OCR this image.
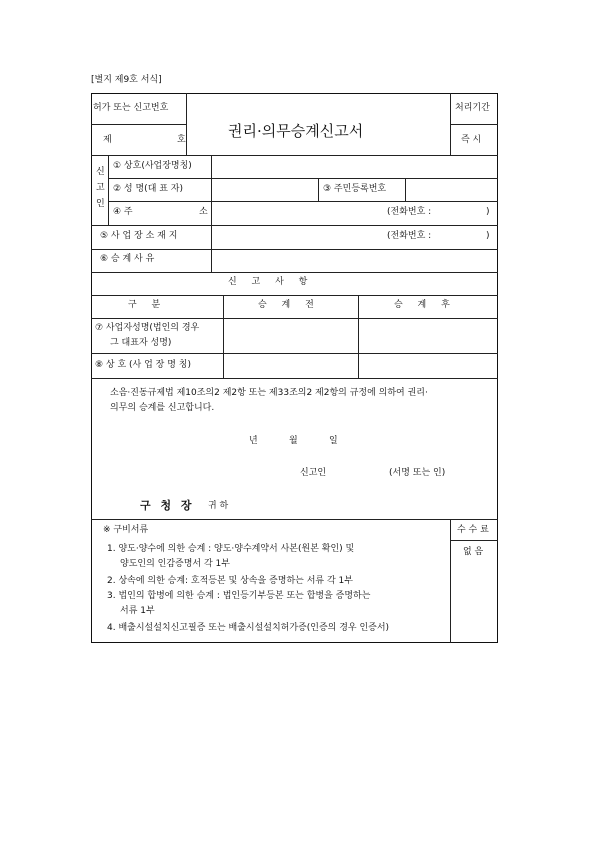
[별지 제9호 서식]
허가 또는 신고번호
제	호	권리·의무승계신고서
처리기간
즉 시
신
고
인
① 상호(사업장명칭)
② 성 명(대 표 자)	③ 주민등록번호
④ 주	소	(전화번호 :	)
⑤ 사 업 장 소 재 지	(전화번호 :	)
⑥ 승 계 사 유
신 고 사 항
구 분	승 계 전	승 계 후
⑦ 사업자성명(법인의 경우
그 대표자 성명)
⑧ 상 호 (사 업 장 명 칭)
소음·진동규제법 제10조의2 제2항 또는 제33조의2 제2항의 규정에 의하여 권리·
의무의 승계를 신고합니다.
년	월	일
신고인	(서명 또는 인)
구 청 장 귀 하
※ 구비서류
1. 양도·양수에 의한 승계 : 양도·양수계약서 사본(원본 확인) 및
양도인의 인감증명서 각 1부
2. 상속에 의한 승계: 호적등본 및 상속을 증명하는 서류 각 1부
3. 법인의 합병에 의한 승계 : 법인등기부등본 또는 합병을 증명하는
서류 1부
4. 배출시설설치신고필증 또는 배출시설설치허가증(인증의 경우 인증서)
수 수 료
없 음
